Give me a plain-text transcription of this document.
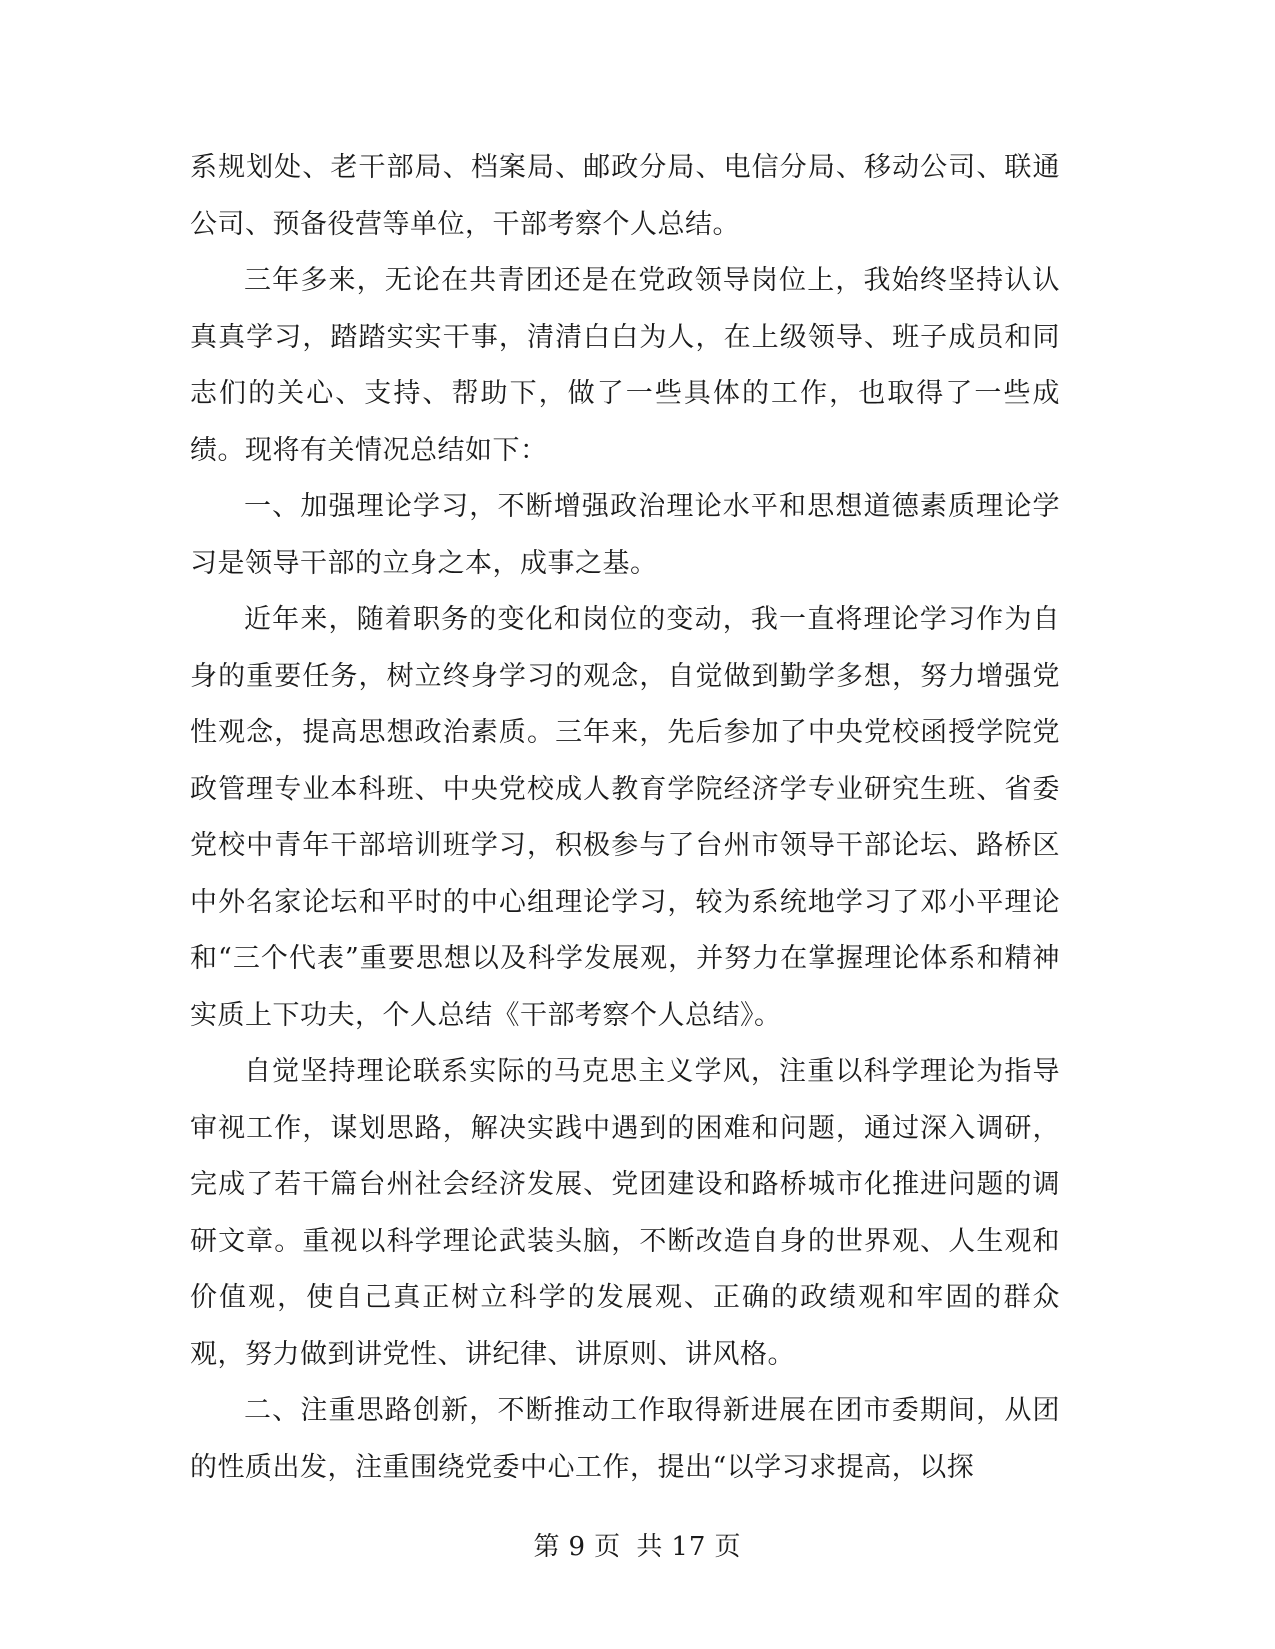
系规划处、老干部局、档案局、邮政分局、电信分局、移动公司、联通公司、预备役营等单位，干部考察个人总结。

三年多来，无论在共青团还是在党政领导岗位上，我始终坚持认认真真学习，踏踏实实干事，清清白白为人，在上级领导、班子成员和同志们的关心、支持、帮助下，做了一些具体的工作，也取得了一些成绩。现将有关情况总结如下：

一、加强理论学习，不断增强政治理论水平和思想道德素质理论学习是领导干部的立身之本，成事之基。

近年来，随着职务的变化和岗位的变动，我一直将理论学习作为自身的重要任务，树立终身学习的观念，自觉做到勤学多想，努力增强党性观念，提高思想政治素质。三年来，先后参加了中央党校函授学院党政管理专业本科班、中央党校成人教育学院经济学专业研究生班、省委党校中青年干部培训班学习，积极参与了台州市领导干部论坛、路桥区中外名家论坛和平时的中心组理论学习，较为系统地学习了邓小平理论和“三个代表”重要思想以及科学发展观，并努力在掌握理论体系和精神实质上下功夫，个人总结《干部考察个人总结》。

自觉坚持理论联系实际的马克思主义学风，注重以科学理论为指导审视工作，谋划思路，解决实践中遇到的困难和问题，通过深入调研，完成了若干篇台州社会经济发展、党团建设和路桥城市化推进问题的调研文章。重视以科学理论武装头脑，不断改造自身的世界观、人生观和价值观，使自己真正树立科学的发展观、正确的政绩观和牢固的群众观，努力做到讲党性、讲纪律、讲原则、讲风格。

二、注重思路创新，不断推动工作取得新进展在团市委期间，从团的性质出发，注重围绕党委中心工作，提出“以学习求提高，以探

第 9 页 共 17 页
